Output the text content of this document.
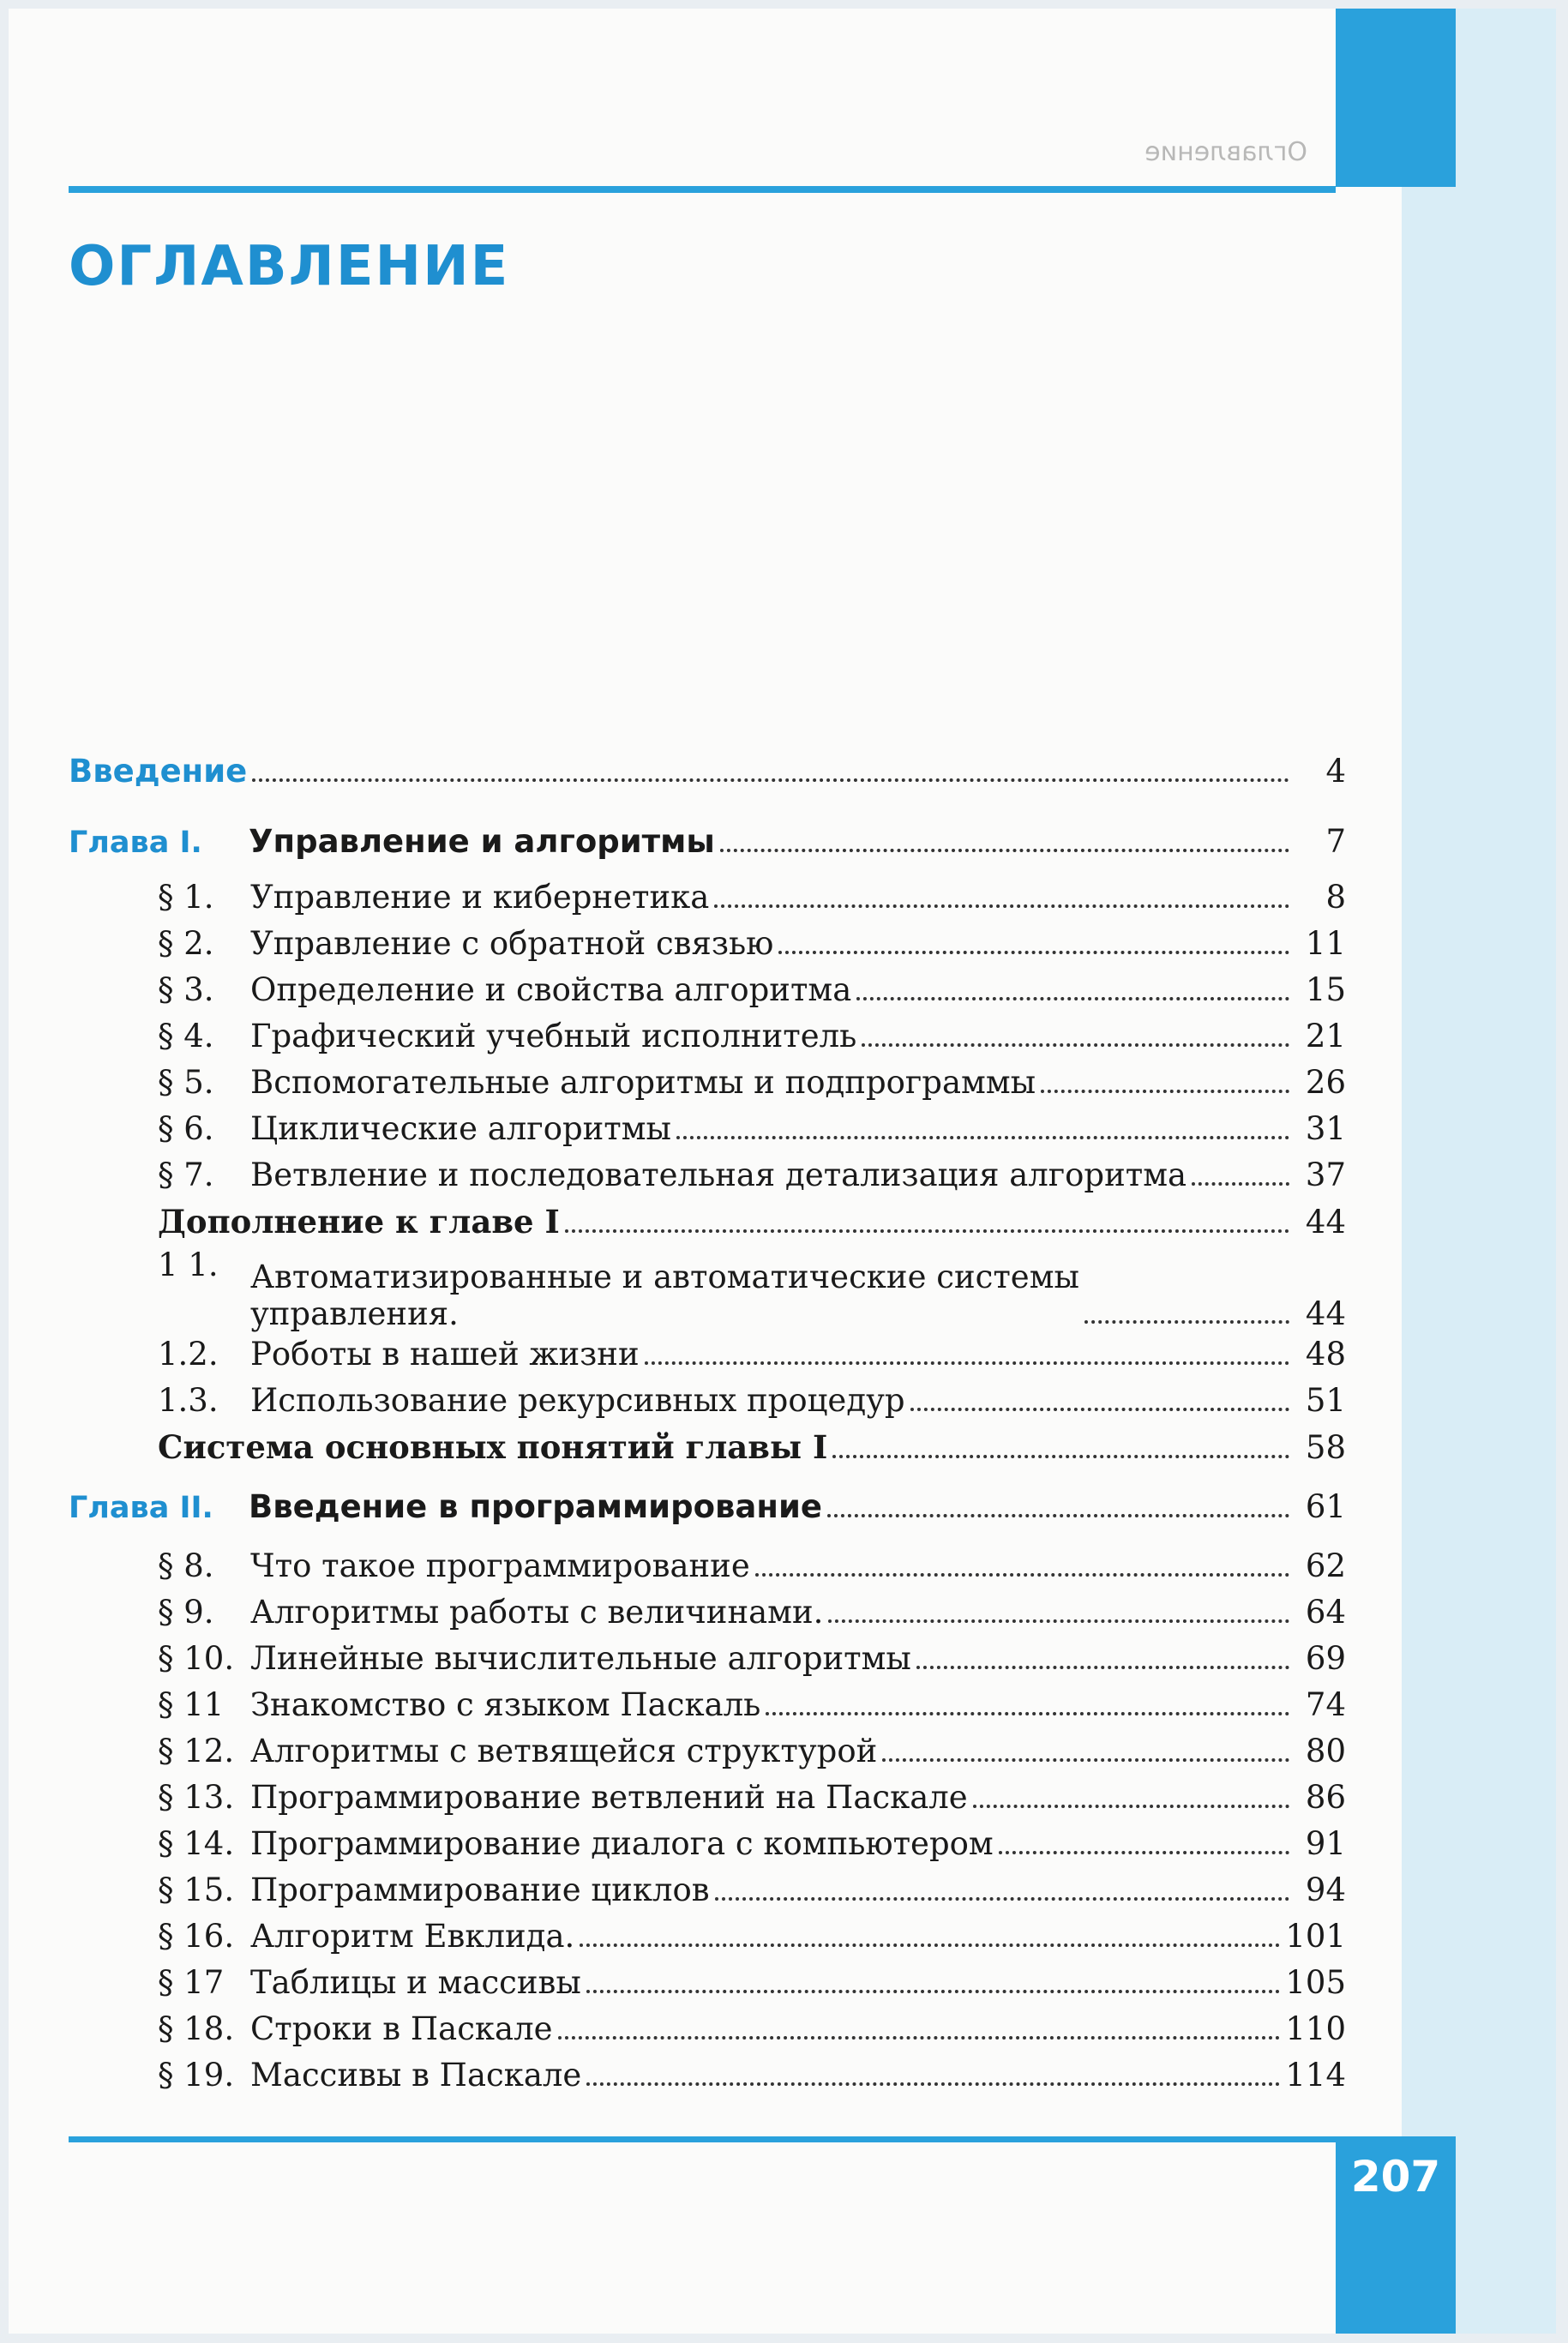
Оглавление
ОГЛАВЛЕНИЕ
Введение	4
Глава I.	Управление и алгоритмы	7
§ 1.	Управление и кибернетика	8
§ 2.	Управление с обратной связью	11
§ 3.	Определение и свойства алгоритма	15
§ 4.	Графический учебный исполнитель	21
§ 5.	Вспомогательные алгоритмы и подпрограммы	26
§ 6.	Циклические алгоритмы	31
§ 7.	Ветвление и последовательная детализация алгоритма	37
Дополнение к главе I	44
1 1.	Автоматизированные и автоматические системы
управления.	44
1.2.	Роботы в нашей жизни	48
1.3.	Использование рекурсивных процедур	51
Система основных понятий главы I	58
Глава II.	Введение в программирование	61
§ 8.	Что такое программирование	62
§ 9.	Алгоритмы работы с величинами.	64
§ 10. Линейные вычислительные алгоритмы	69
§ 11 Знакомство с языком Паскаль	74
§ 12. Алгоритмы с ветвящейся структурой	80
§ 13. Программирование ветвлений на Паскале	86
§ 14. Программирование диалога с компьютером	91
§ 15. Программирование циклов	94
§ 16. Алгоритм Евклида.	101
§ 17 Таблицы и массивы	105
§ 18. Строки в Паскале	110
§ 19. Массивы в Паскале	114
207
